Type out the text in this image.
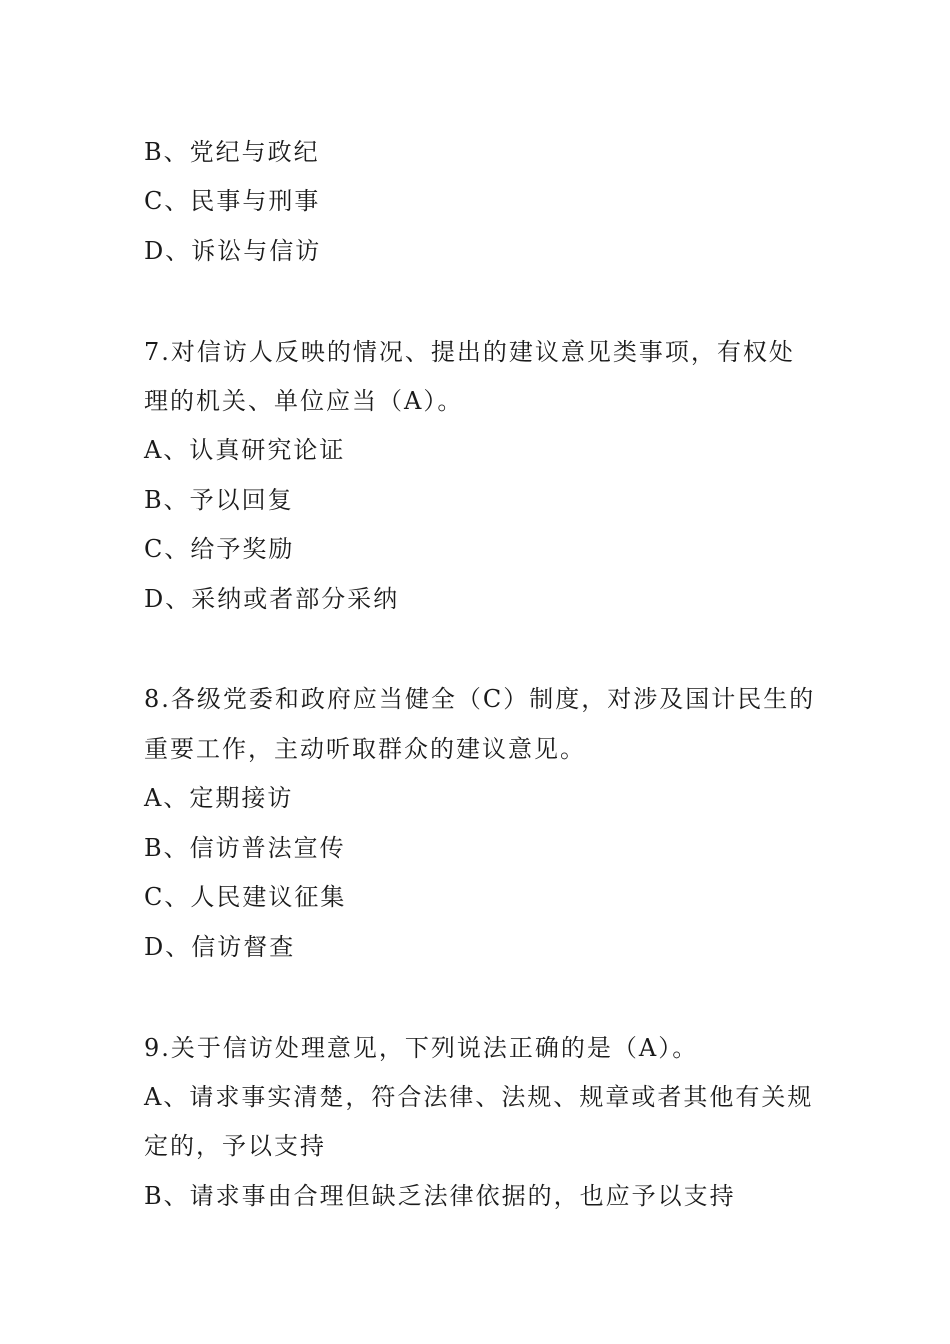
B、党纪与政纪
C、民事与刑事
D、诉讼与信访
7.对信访人反映的情况、提出的建议意见类事项，有权处
理的机关、单位应当（A）。
A、认真研究论证
B、予以回复
C、给予奖励
D、采纳或者部分采纳
8.各级党委和政府应当健全（C）制度，对涉及国计民生的
重要工作，主动听取群众的建议意见。
A、定期接访
B、信访普法宣传
C、人民建议征集
D、信访督查
9.关于信访处理意见，下列说法正确的是（A）。
A、请求事实清楚，符合法律、法规、规章或者其他有关规
定的，予以支持
B、请求事由合理但缺乏法律依据的，也应予以支持
